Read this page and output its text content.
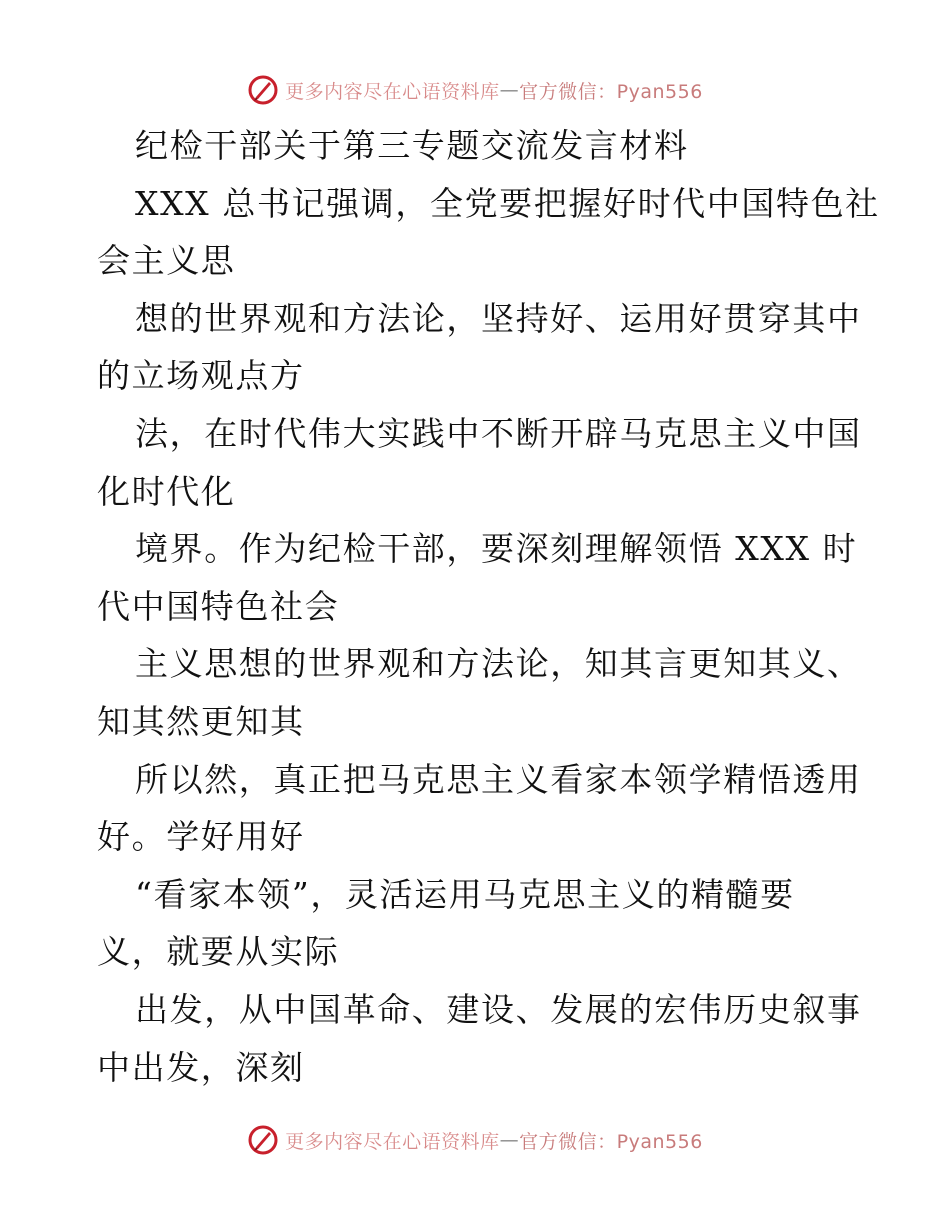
更多内容尽在心语资料库 — 官方微信：Pyan556
纪检干部关于第三专题交流发言材料
XXX 总书记强调，全党要把握好时代中国特色社
会主义思
想的世界观和方法论，坚持好、运用好贯穿其中
的立场观点方
法，在时代伟大实践中不断开辟马克思主义中国
化时代化
境界。作为纪检干部，要深刻理解领悟 XXX 时
代中国特色社会
主义思想的世界观和方法论，知其言更知其义、
知其然更知其
所以然，真正把马克思主义看家本领学精悟透用
好。学好用好
“看家本领”，灵活运用马克思主义的精髓要
义，就要从实际
出发，从中国革命、建设、发展的宏伟历史叙事
中出发，深刻
更多内容尽在心语资料库 — 官方微信：Pyan556
